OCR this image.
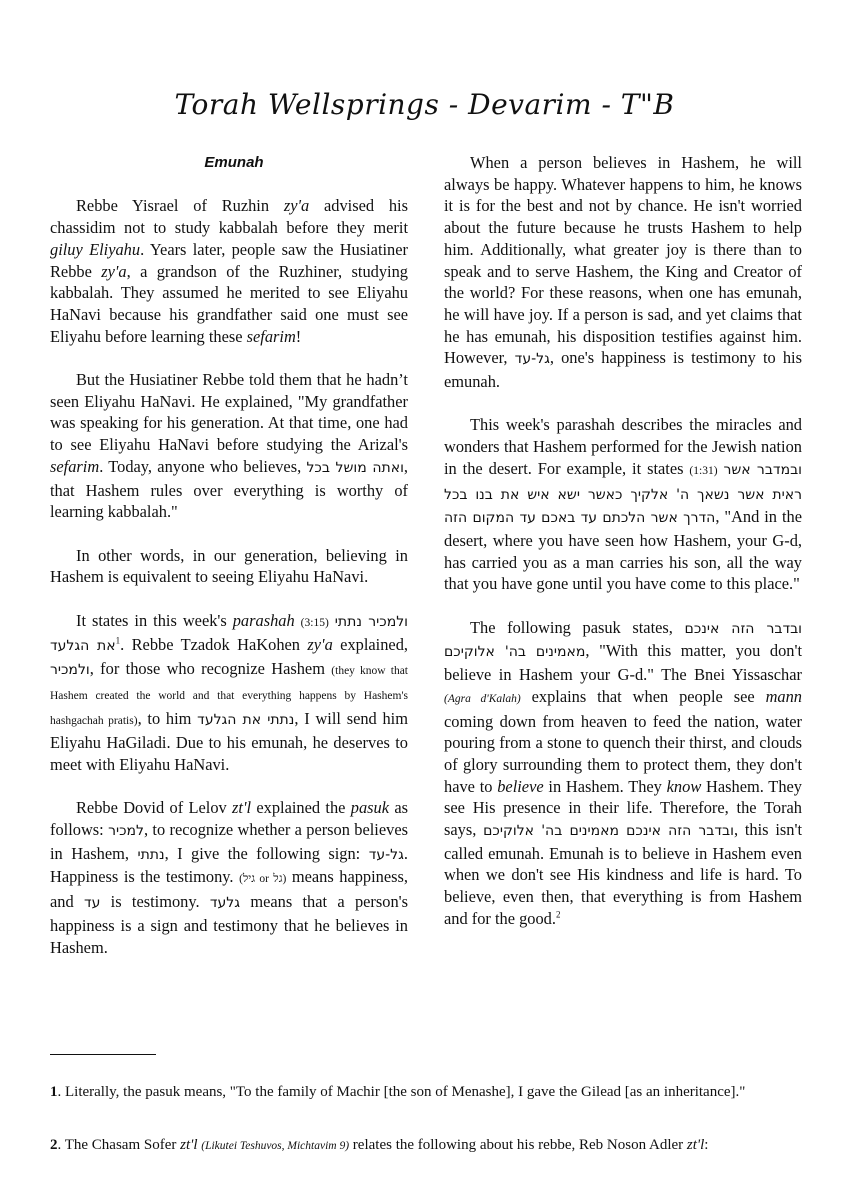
Torah Wellsprings - Devarim - T"B
Emunah

Rebbe Yisrael of Ruzhin zy'a advised his chassidim not to study kabbalah before they merit giluy Eliyahu. Years later, people saw the Husiatiner Rebbe zy'a, a grandson of the Ruzhiner, studying kabbalah. They assumed he merited to see Eliyahu HaNavi because his grandfather said one must see Eliyahu before learning these sefarim!

But the Husiatiner Rebbe told them that he hadn’t seen Eliyahu HaNavi. He explained, "My grandfather was speaking for his generation. At that time, one had to see Eliyahu HaNavi before studying the Arizal's sefarim. Today, anyone who believes, ואתה מושל בכל, that Hashem rules over everything is worthy of learning kabbalah."

In other words, in our generation, believing in Hashem is equivalent to seeing Eliyahu HaNavi.

It states in this week's parashah (3:15) ולמכיר נתתי את הגלעד$^1$. Rebbe Tzadok HaKohen zy'a explained, ולמכיר, for those who recognize Hashem (they know that Hashem created the world and that everything happens by Hashem's hashgachah pratis), to him נתתי את הגלעד, I will send him Eliyahu HaGiladi. Due to his emunah, he deserves to meet with Eliyahu HaNavi.

Rebbe Dovid of Lelov zt'l explained the pasuk as follows: למכיר, to recognize whether a person believes in Hashem, נתתי, I give the following sign: גל-עד. Happiness is the testimony. (גל or גיל) means happiness, and עד is testimony. גלעד means that a person's happiness is a sign and testimony that he believes in Hashem.

When a person believes in Hashem, he will always be happy. Whatever happens to him, he knows it is for the best and not by chance. He isn't worried about the future because he trusts Hashem to help him. Additionally, what greater joy is there than to speak and to serve Hashem, the King and Creator of the world? For these reasons, when one has emunah, he will have joy. If a person is sad, and yet claims that he has emunah, his disposition testifies against him. However, גל-עד, one's happiness is testimony to his emunah.

This week's parashah describes the miracles and wonders that Hashem performed for the Jewish nation in the desert. For example, it states (1:31) ובמדבר אשר ראית אשר נשאך ה' אלקיך כאשר ישא איש את בנו בכל הדרך אשר הלכתם עד באכם עד המקום הזה, "And in the desert, where you have seen how Hashem, your G-d, has carried you as a man carries his son, all the way that you have gone until you have come to this place."

The following pasuk states, ובדבר הזה אינכם מאמינים בה' אלוקיכם, "With this matter, you don't believe in Hashem your G-d." The Bnei Yissaschar (Agra d'Kalah) explains that when people see mann coming down from heaven to feed the nation, water pouring from a stone to quench their thirst, and clouds of glory surrounding them to protect them, they don't have to believe in Hashem. They know Hashem. They see His presence in their life. Therefore, the Torah says, ובדבר הזה אינכם מאמינים בה' אלוקיכם, this isn't called emunah. Emunah is to believe in Hashem even when we don't see His kindness and life is hard. To believe, even then, that everything is from Hashem and for the good.$^2$

1. Literally, the pasuk means, "To the family of Machir [the son of Menashe], I gave the Gilead [as an inheritance]."
2. The Chasam Sofer zt'l (Likutei Teshuvos, Michtavim 9) relates the following about his rebbe, Reb Noson Adler zt'l:
